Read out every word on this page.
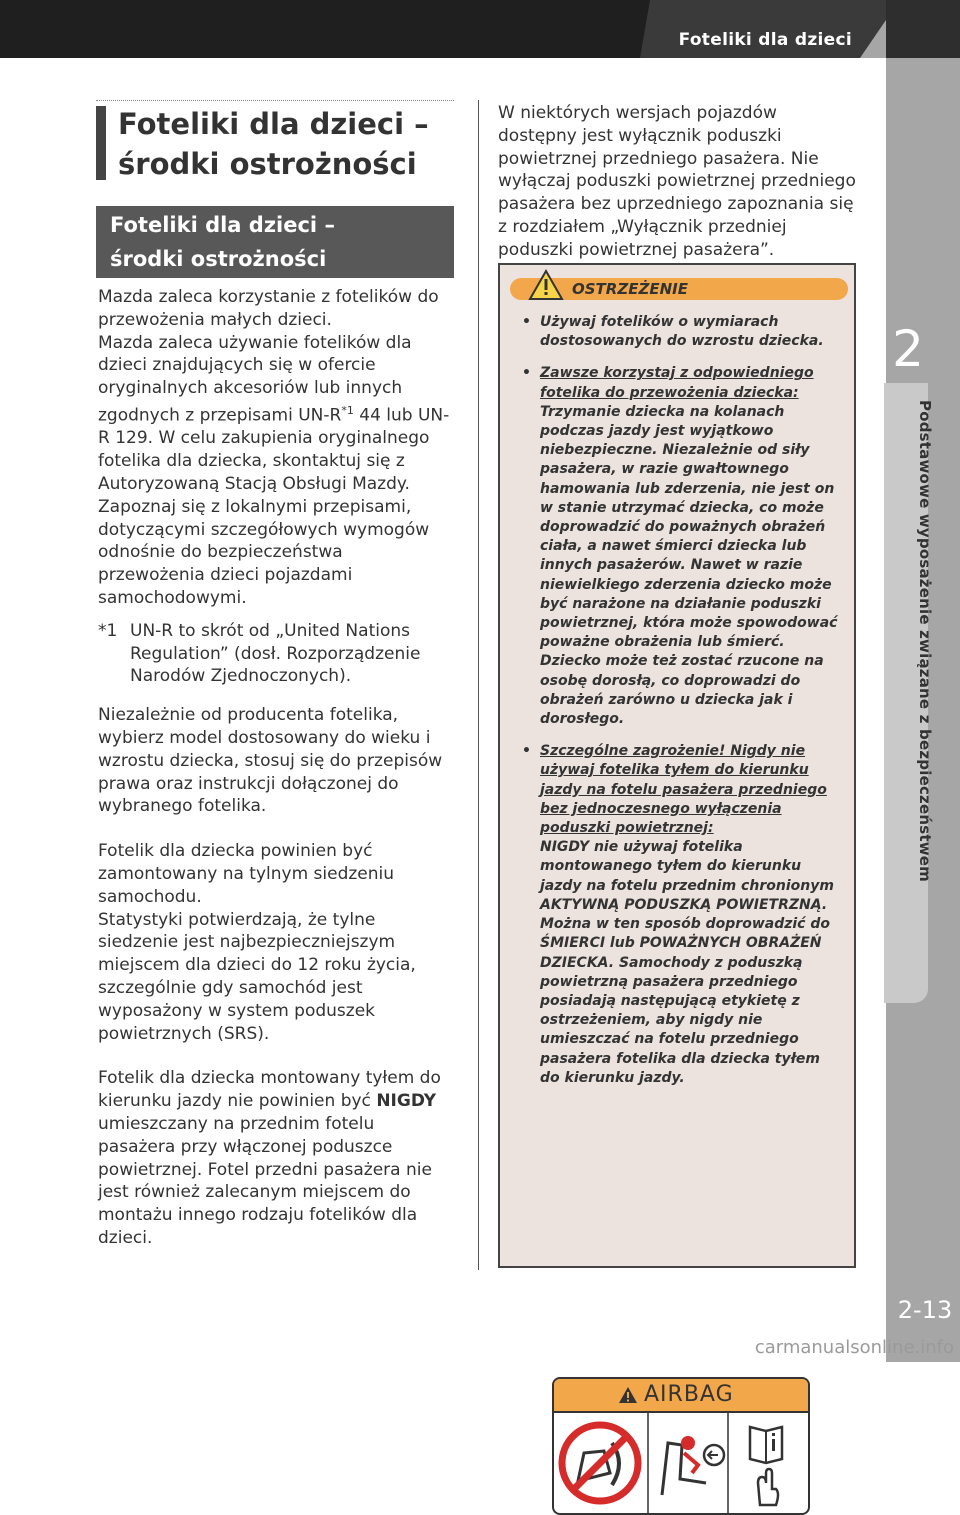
Foteliki dla dzieci
2
Podstawowe wyposażenie związane z bezpieczeństwem
2-13
carmanualsonline.info
Foteliki dla dzieci –
środki ostrożności
Foteliki dla dzieci –
środki ostrożności

Mazda zaleca korzystanie z fotelików do przewożenia małych dzieci.

Mazda zaleca używanie fotelików dla dzieci znajdujących się w ofercie oryginalnych akcesoriów lub innych zgodnych z przepisami $UN-R^{*1}$ 44 lub UN-R 129. W celu zakupienia oryginalnego fotelika dla dziecka, skontaktuj się z Autoryzowaną Stacją Obsługi Mazdy.

Zapoznaj się z lokalnymi przepisami, dotyczącymi szczegółowych wymogów odnośnie do bezpieczeństwa przewożenia dzieci pojazdami samochodowymi.

*1 UN-R to skrót od „United Nations Regulation” (dosł. Rozporządzenie Narodów Zjednoczonych).

Niezależnie od producenta fotelika, wybierz model dostosowany do wieku i wzrostu dziecka, stosuj się do przepisów prawa oraz instrukcji dołączonej do wybranego fotelika.

Fotelik dla dziecka powinien być zamontowany na tylnym siedzeniu samochodu.

Statystyki potwierdzają, że tylne siedzenie jest najbezpieczniejszym miejscem dla dzieci do 12 roku życia, szczególnie gdy samochód jest wyposażony w system poduszek powietrznych (SRS).

Fotelik dla dziecka montowany tyłem do kierunku jazdy nie powinien być NIGDY umieszczany na przednim fotelu pasażera przy włączonej poduszce powietrznej. Fotel przedni pasażera nie jest również zalecanym miejscem do montażu innego rodzaju fotelików dla dzieci.

W niektórych wersjach pojazdów dostępny jest wyłącznik poduszki powietrznej przedniego pasażera. Nie wyłączaj poduszki powietrznej przedniego pasażera bez uprzedniego zapoznania się z rozdziałem „Wyłącznik przedniej poduszki powietrznej pasażera”.

OSTRZEŻENIE
• Używaj fotelików o wymiarach dostosowanych do wzrostu dziecka.
• Zawsze korzystaj z odpowiedniego fotelika do przewożenia dziecka:
Trzymanie dziecka na kolanach podczas jazdy jest wyjątkowo niebezpieczne. Niezależnie od siły pasażera, w razie gwałtownego hamowania lub zderzenia, nie jest on w stanie utrzymać dziecka, co może doprowadzić do poważnych obrażeń ciała, a nawet śmierci dziecka lub innych pasażerów. Nawet w razie niewielkiego zderzenia dziecko może być narażone na działanie poduszki powietrznej, która może spowodować poważne obrażenia lub śmierć. Dziecko może też zostać rzucone na osobę dorosłą, co doprowadzi do obrażeń zarówno u dziecka jak i dorosłego.
• Szczególne zagrożenie! Nigdy nie używaj fotelika tyłem do kierunku jazdy na fotelu pasażera przedniego bez jednoczesnego wyłączenia poduszki powietrznej:
NIGDY nie używaj fotelika montowanego tyłem do kierunku jazdy na fotelu przednim chronionym AKTYWNĄ PODUSZKĄ POWIETRZNĄ. Można w ten sposób doprowadzić do ŚMIERCI lub POWAŻNYCH OBRAŻEŃ DZIECKA. Samochody z poduszką powietrzną pasażera przedniego posiadają następującą etykietę z ostrzeżeniem, aby nigdy nie umieszczać na fotelu przedniego pasażera fotelika dla dziecka tyłem do kierunku jazdy.
AIRBAG
